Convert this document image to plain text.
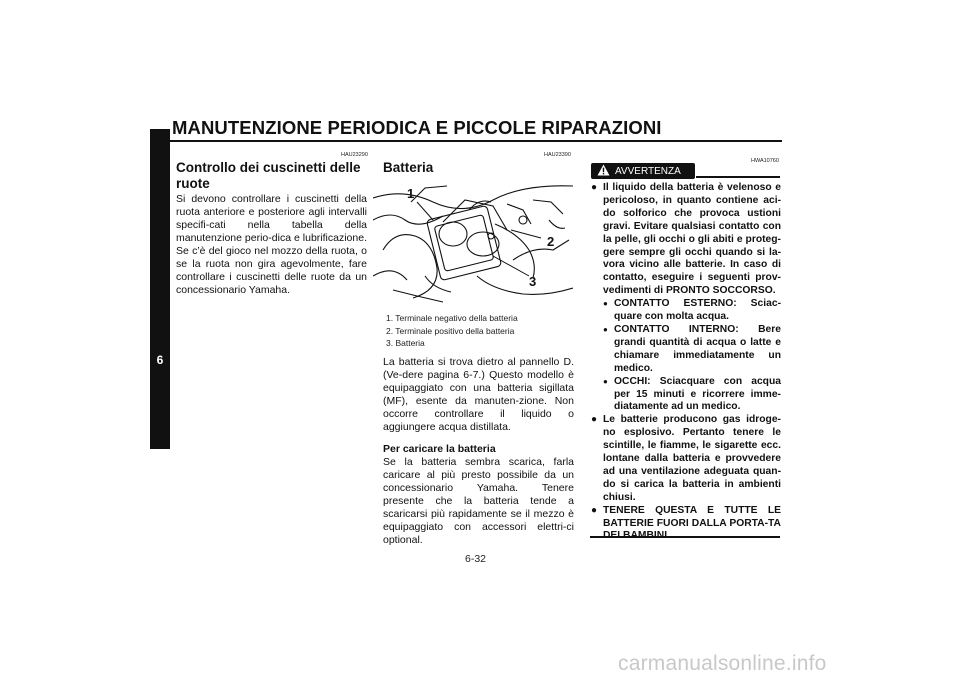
MANUTENZIONE PERIODICA E PICCOLE RIPARAZIONI
6
HAU23290
Controllo dei cuscinetti delle ruote
Si devono controllare i cuscinetti della ruota anteriore e posteriore agli intervalli specifi-cati nella tabella della manutenzione perio-dica e lubrificazione. Se c’è del gioco nel mozzo della ruota, o se la ruota non gira agevolmente, fare controllare i cuscinetti delle ruote da un concessionario Yamaha.
HAU23390
Batteria
1
2
3
1. Terminale negativo della batteria
2. Terminale positivo della batteria
3. Batteria
La batteria si trova dietro al pannello D. (Ve-dere pagina 6-7.) Questo modello è equipaggiato con una batteria sigillata (MF), esente da manuten-zione. Non occorre controllare il liquido o aggiungere acqua distillata.
Per caricare la batteria
Se la batteria sembra scarica, farla caricare al più presto possibile da un concessionario Yamaha. Tenere presente che la batteria tende a scaricarsi più rapidamente se il mezzo è equipaggiato con accessori elettri-ci optional.
HWA10760
AVVERTENZA
● Il liquido della batteria è velenoso e pericoloso, in quanto contiene aci-do solforico che provoca ustioni gravi. Evitare qualsiasi contatto con la pelle, gli occhi o gli abiti e proteg-gere sempre gli occhi quando si la-vora vicino alle batterie. In caso di contatto, eseguire i seguenti prov-vedimenti di PRONTO SOCCORSO.
● CONTATTO ESTERNO: Sciac-quare con molta acqua.
● CONTATTO INTERNO: Bere grandi quantità di acqua o latte e chiamare immediatamente un medico.
● OCCHI: Sciacquare con acqua per 15 minuti e ricorrere imme-diatamente ad un medico.
● Le batterie producono gas idroge-no esplosivo. Pertanto tenere le scintille, le fiamme, le sigarette ecc. lontane dalla batteria e provvedere ad una ventilazione adeguata quan-do si carica la batteria in ambienti chiusi.
● TENERE QUESTA E TUTTE LE BATTERIE FUORI DALLA PORTA-TA
6-32
carmanualsonline.info
